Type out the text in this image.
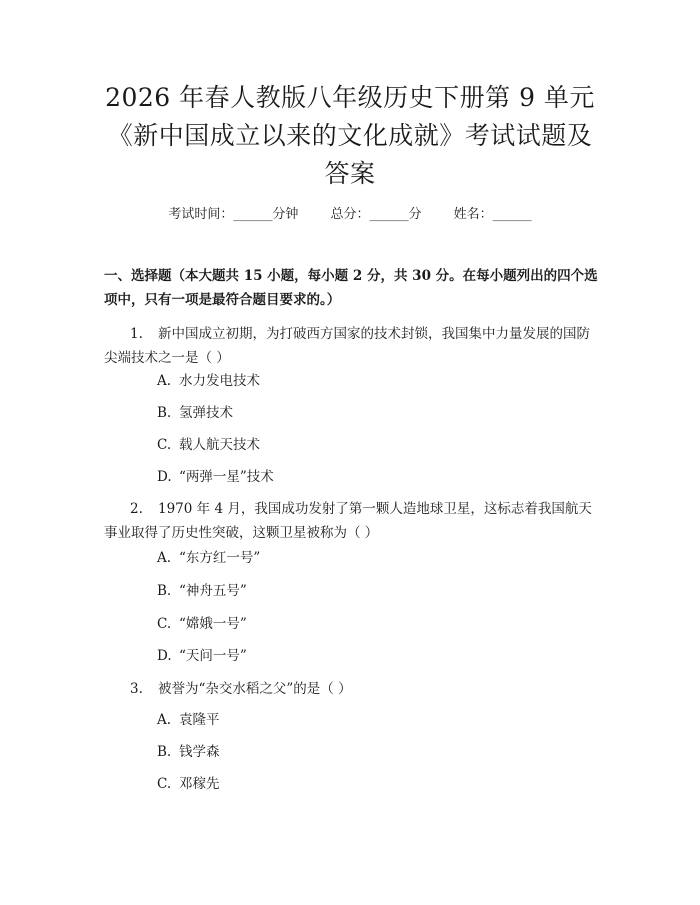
2026 年春人教版八年级历史下册第 9 单元
《新中国成立以来的文化成就》考试试题及
答案
考试时间：______分钟 总分：______分 姓名：______
一、选择题（本大题共 15 小题，每小题 2 分，共 30 分。在每小题列出的四个选
项中，只有一项是最符合题目要求的。）
1. 新中国成立初期，为打破西方国家的技术封锁，我国集中力量发展的国防
尖端技术之一是（ ）
A. 水力发电技术
B. 氢弹技术
C. 载人航天技术
D. “两弹一星”技术
2. 1970 年 4 月，我国成功发射了第一颗人造地球卫星，这标志着我国航天
事业取得了历史性突破，这颗卫星被称为（ ）
A. “东方红一号”
B. “神舟五号”
C. “嫦娥一号”
D. “天问一号”
3. 被誉为“杂交水稻之父”的是（ ）
A. 袁隆平
B. 钱学森
C. 邓稼先
